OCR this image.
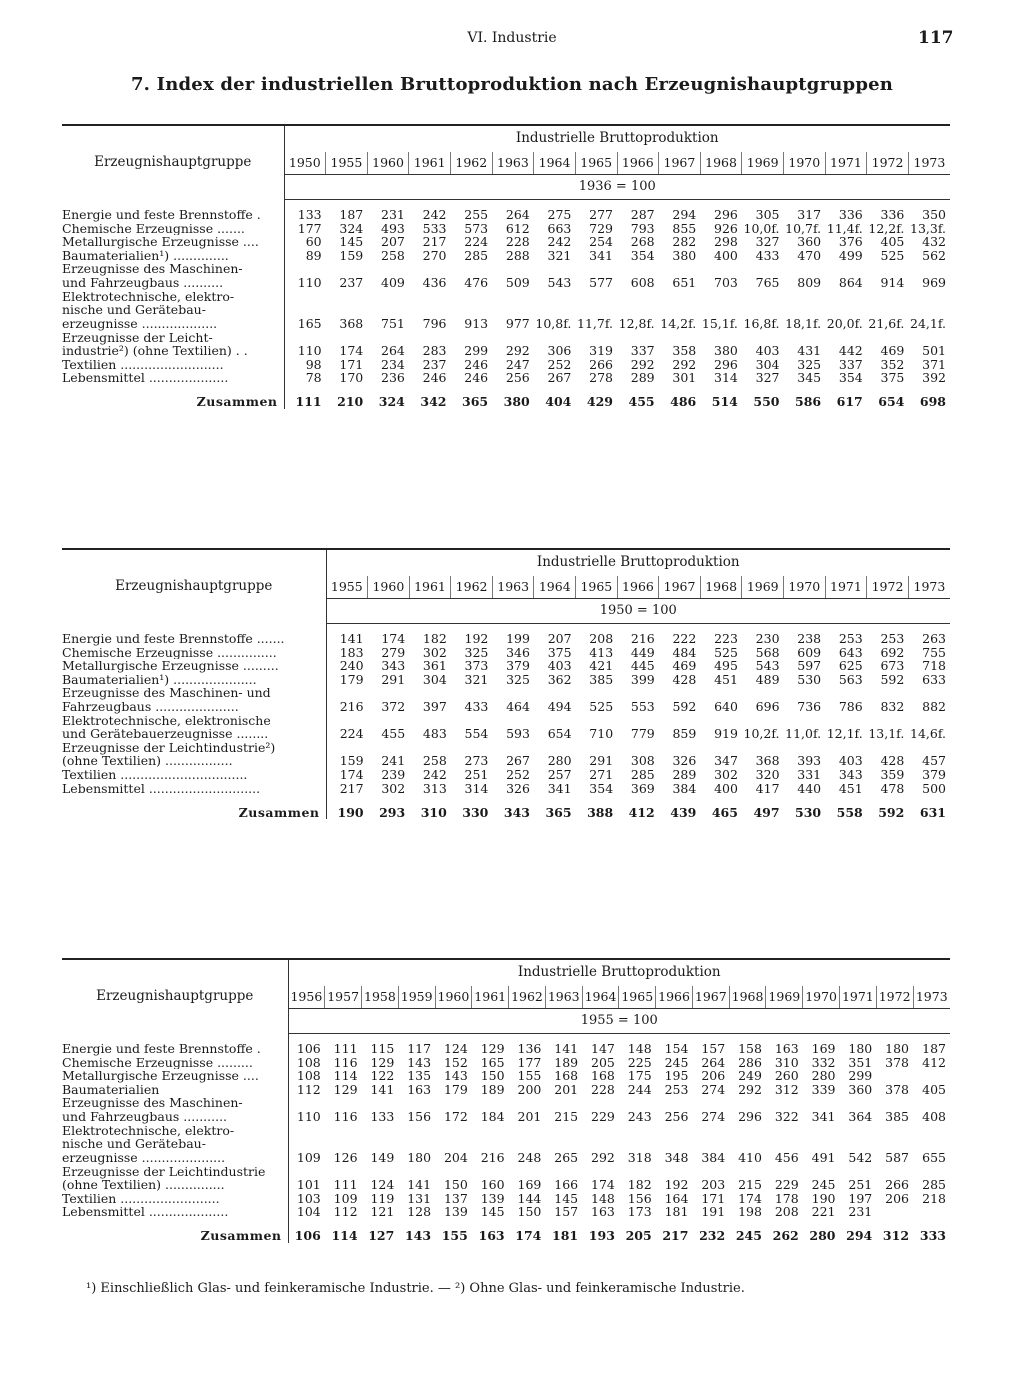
VI. Industrie	117
7. Index der industriellen Bruttoproduktion nach Erzeugnishauptgruppen
Erzeugnishauptgruppe	Industrielle Bruttoproduktion															
	1950	1955	1960	1961	1962	1963	1964	1965	1966	1967	1968	1969	1970	1971	1972	1973
	1936 = 100															

Energie und feste Brennstoffe .	133	187	231	242	255	264	275	277	287	294	296	305	317	336	336	350

Chemische Erzeugnisse .......	177	324	493	533	573	612	663	729	793	855	926	10,0f.	10,7f.	11,4f.	12,2f.	13,3f.

Metallurgische Erzeugnisse ....	60	145	207	217	224	228	242	254	268	282	298	327	360	376	405	432

Baumaterialien¹) ..............	89	159	258	270	285	288	321	341	354	380	400	433	470	499	525	562

Erzeugnisse des Maschinen-
und Fahrzeugbaus ..........	110	237	409	436	476	509	543	577	608	651	703	765	809	864	914	969

Elektrotechnische, elektro-
nische und Gerätebau-
erzeugnisse ...................	165	368	751	796	913	977	10,8f.	11,7f.	12,8f.	14,2f.	15,1f.	16,8f.	18,1f.	20,0f.	21,6f.	24,1f.

Erzeugnisse der Leicht-
industrie²) (ohne Textilien) . .	110	174	264	283	299	292	306	319	337	358	380	403	431	442	469	501

Textilien ..........................	98	171	234	237	246	247	252	266	292	292	296	304	325	337	352	371

Lebensmittel ....................	78	170	236	246	246	256	267	278	289	301	314	327	345	354	375	392
Zusammen	111	210	324	342	365	380	404	429	455	486	514	550	586	617	654	698
Erzeugnishauptgruppe	Industrielle Bruttoproduktion														
	1955	1960	1961	1962	1963	1964	1965	1966	1967	1968	1969	1970	1971	1972	1973
	1950 = 100														

Energie und feste Brennstoffe .......	141	174	182	192	199	207	208	216	222	223	230	238	253	253	263

Chemische Erzeugnisse ...............	183	279	302	325	346	375	413	449	484	525	568	609	643	692	755

Metallurgische Erzeugnisse .........	240	343	361	373	379	403	421	445	469	495	543	597	625	673	718

Baumaterialien¹) .....................	179	291	304	321	325	362	385	399	428	451	489	530	563	592	633

Erzeugnisse des Maschinen- und
Fahrzeugbaus .....................	216	372	397	433	464	494	525	553	592	640	696	736	786	832	882

Elektrotechnische, elektronische
und Gerätebauerzeugnisse ........	224	455	483	554	593	654	710	779	859	919	10,2f.	11,0f.	12,1f.	13,1f.	14,6f.

Erzeugnisse der Leichtindustrie²)
(ohne Textilien) .................	159	241	258	273	267	280	291	308	326	347	368	393	403	428	457

Textilien ................................	174	239	242	251	252	257	271	285	289	302	320	331	343	359	379

Lebensmittel ............................	217	302	313	314	326	341	354	369	384	400	417	440	451	478	500
Zusammen	190	293	310	330	343	365	388	412	439	465	497	530	558	592	631
Erzeugnishauptgruppe	Industrielle Bruttoproduktion																	
	1956	1957	1958	1959	1960	1961	1962	1963	1964	1965	1966	1967	1968	1969	1970	1971	1972	1973
	1955 = 100																	

Energie und feste Brennstoffe .	106	111	115	117	124	129	136	141	147	148	154	157	158	163	169	180	180	187

Chemische Erzeugnisse .........	108	116	129	143	152	165	177	189	205	225	245	264	286	310	332	351	378	412

Metallurgische Erzeugnisse ....	108	114	122	135	143	150	155	168	168	175	195	206	249	260	280	299		

Baumaterialien	112	129	141	163	179	189	200	201	228	244	253	274	292	312	339	360	378	405

Erzeugnisse des Maschinen-
und Fahrzeugbaus ...........	110	116	133	156	172	184	201	215	229	243	256	274	296	322	341	364	385	408

Elektrotechnische, elektro-
nische und Gerätebau-
erzeugnisse .....................	109	126	149	180	204	216	248	265	292	318	348	384	410	456	491	542	587	655

Erzeugnisse der Leichtindustrie
(ohne Textilien) ...............	101	111	124	141	150	160	169	166	174	182	192	203	215	229	245	251	266	285

Textilien .........................	103	109	119	131	137	139	144	145	148	156	164	171	174	178	190	197	206	218

Lebensmittel ....................	104	112	121	128	139	145	150	157	163	173	181	191	198	208	221	231		
Zusammen	106	114	127	143	155	163	174	181	193	205	217	232	245	262	280	294	312	333
¹) Einschließlich Glas- und feinkeramische Industrie. — ²) Ohne Glas- und feinkeramische Industrie.
